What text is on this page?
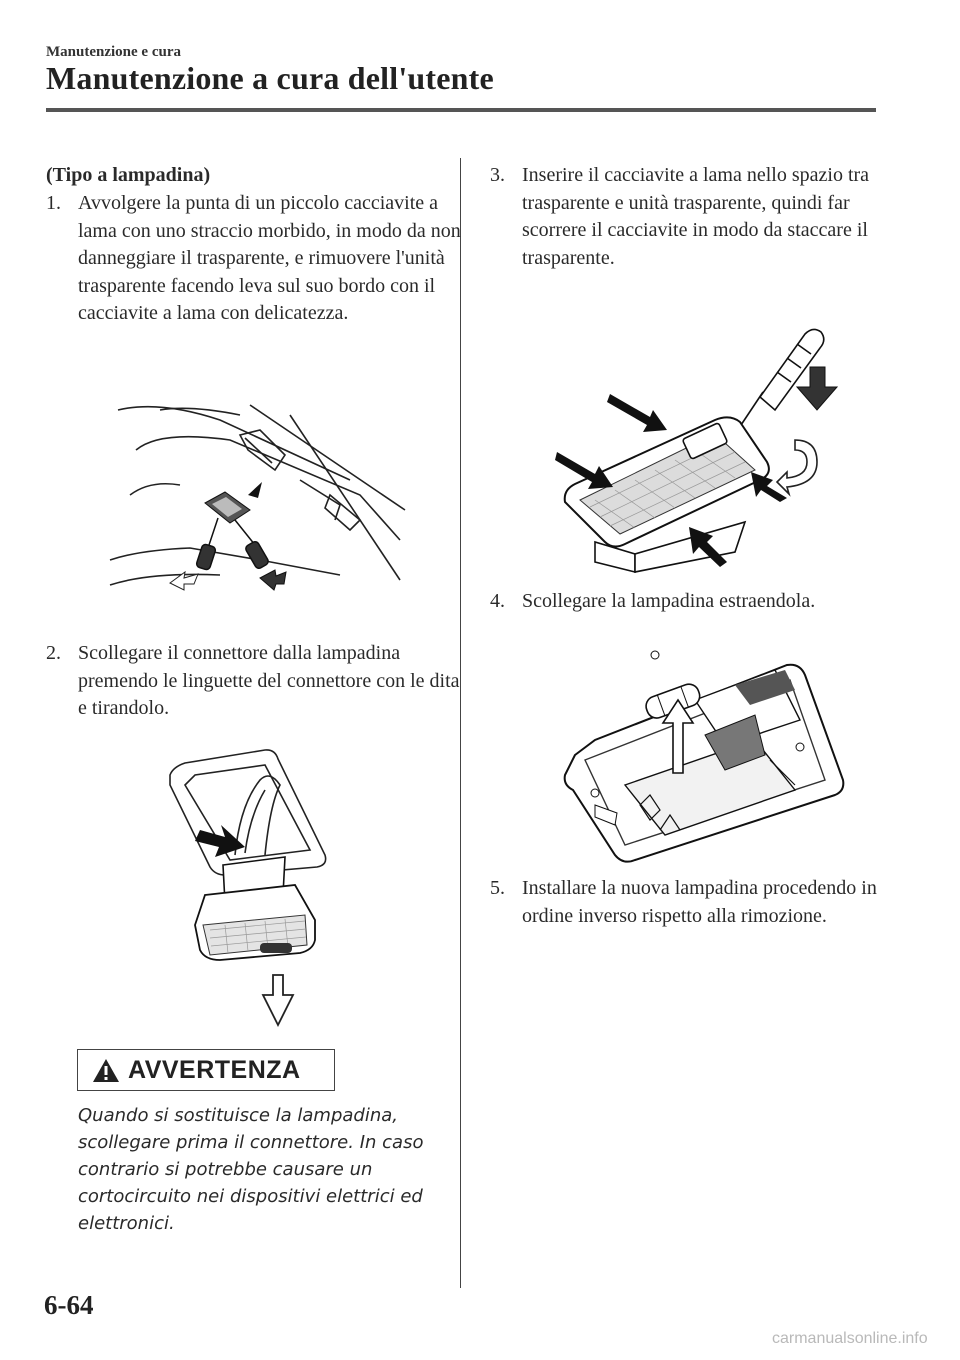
Manutenzione e cura
Manutenzione a cura dell'utente
(Tipo a lampadina)
1. Avvolgere la punta di un piccolo cacciavite a lama con uno straccio morbido, in modo da non danneggiare il trasparente, e rimuovere l'unità trasparente facendo leva sul suo bordo con il cacciavite a lama con delicatezza.
2. Scollegare il connettore dalla lampadina premendo le linguette del connettore con le dita e tirandolo.
AVVERTENZA
Quando si sostituisce la lampadina, scollegare prima il connettore. In caso contrario si potrebbe causare un cortocircuito nei dispositivi elettrici ed elettronici.
3. Inserire il cacciavite a lama nello spazio tra trasparente e unità trasparente, quindi far scorrere il cacciavite in modo da staccare il trasparente.
4. Scollegare la lampadina estraendola.
5. Installare la nuova lampadina procedendo in ordine inverso rispetto alla rimozione.
6-64
carmanualsonline.info
